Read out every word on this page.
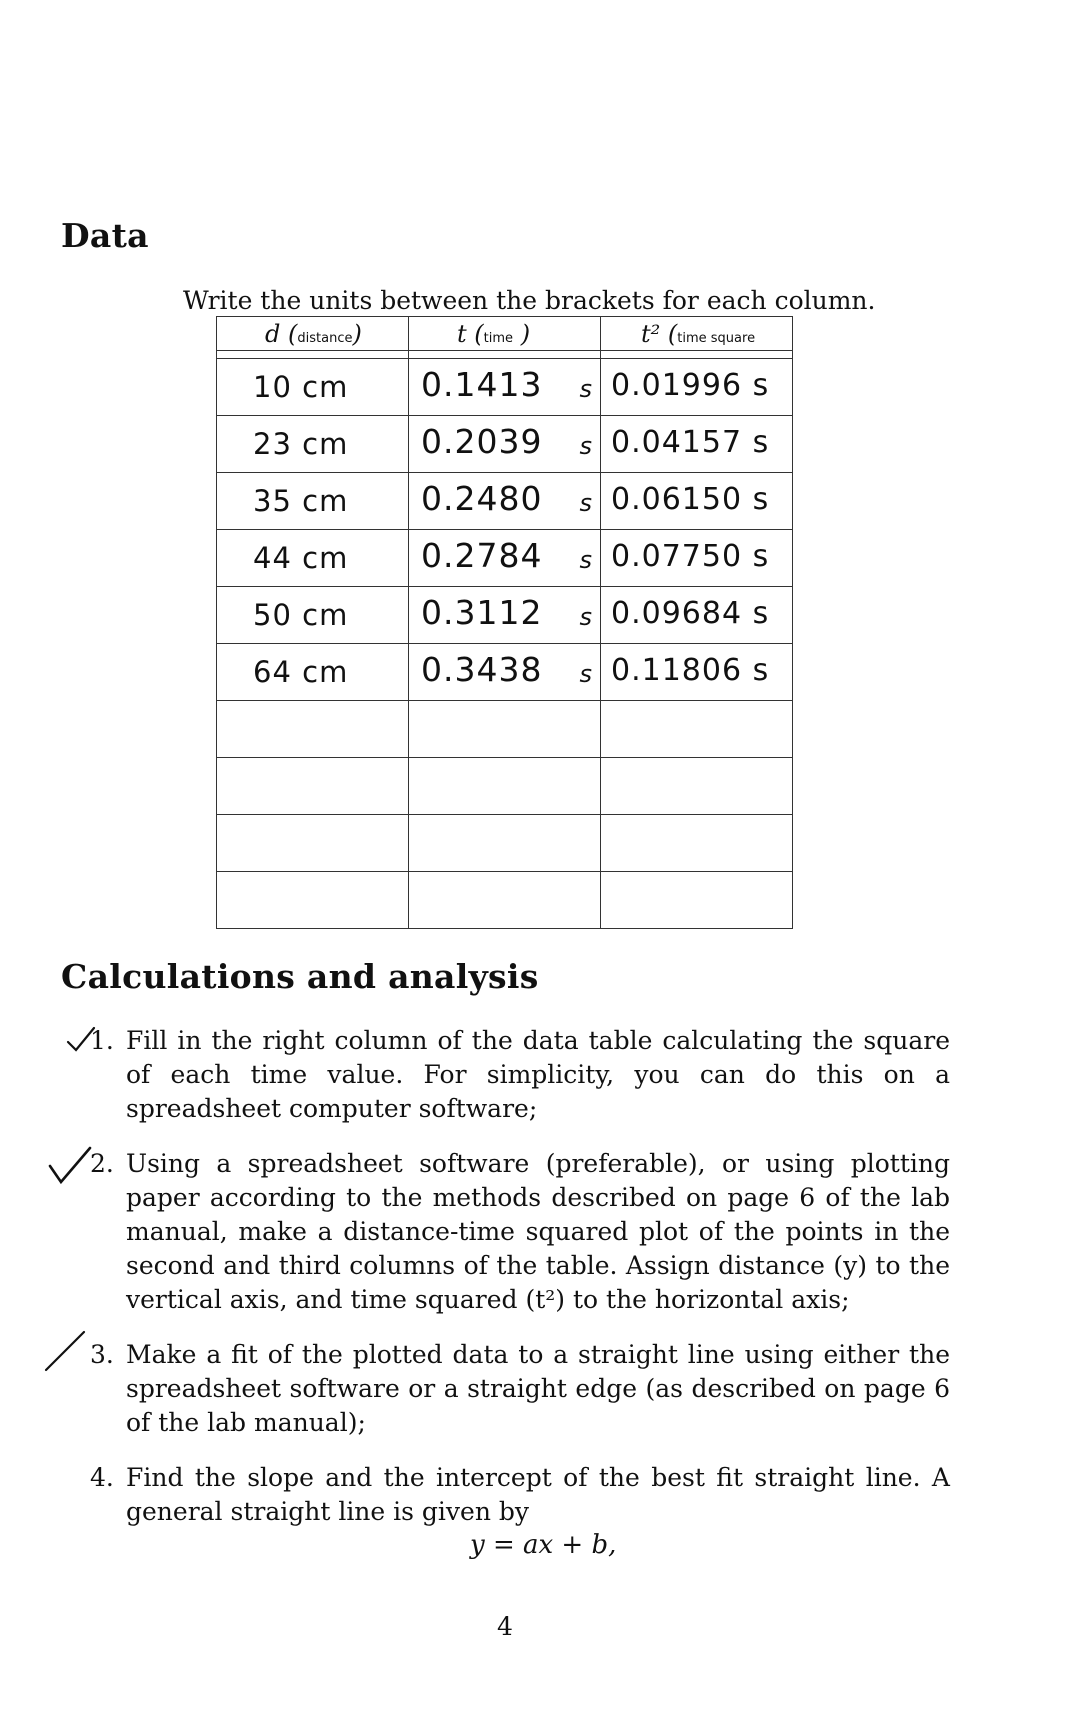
Data

Write the units between the brackets for each column.

d (distance)	t (time )	t² (time square

10 cm	0.1413 s	0.01996 s

23 cm	0.2039 s	0.04157 s

35 cm	0.2480 s	0.06150 s

44 cm	0.2784 s	0.07750 s

50 cm	0.3112 s	0.09684 s

64 cm	0.3438 s	0.11806 s

Calculations and analysis
1. Fill in the right column of the data table calculating the square of each time value. For simplicity, you can do this on a spreadsheet computer software;
2. Using a spreadsheet software (preferable), or using plotting paper according to the methods described on page 6 of the lab manual, make a distance-time squared plot of the points in the second and third columns of the table. Assign distance (y) to the vertical axis, and time squared (t²) to the horizontal axis;
3. Make a fit of the plotted data to a straight line using either the spreadsheet software or a straight edge (as described on page 6 of the lab manual);
4. Find the slope and the intercept of the best fit straight line. A general straight line is given by
y = ax + b,
4
